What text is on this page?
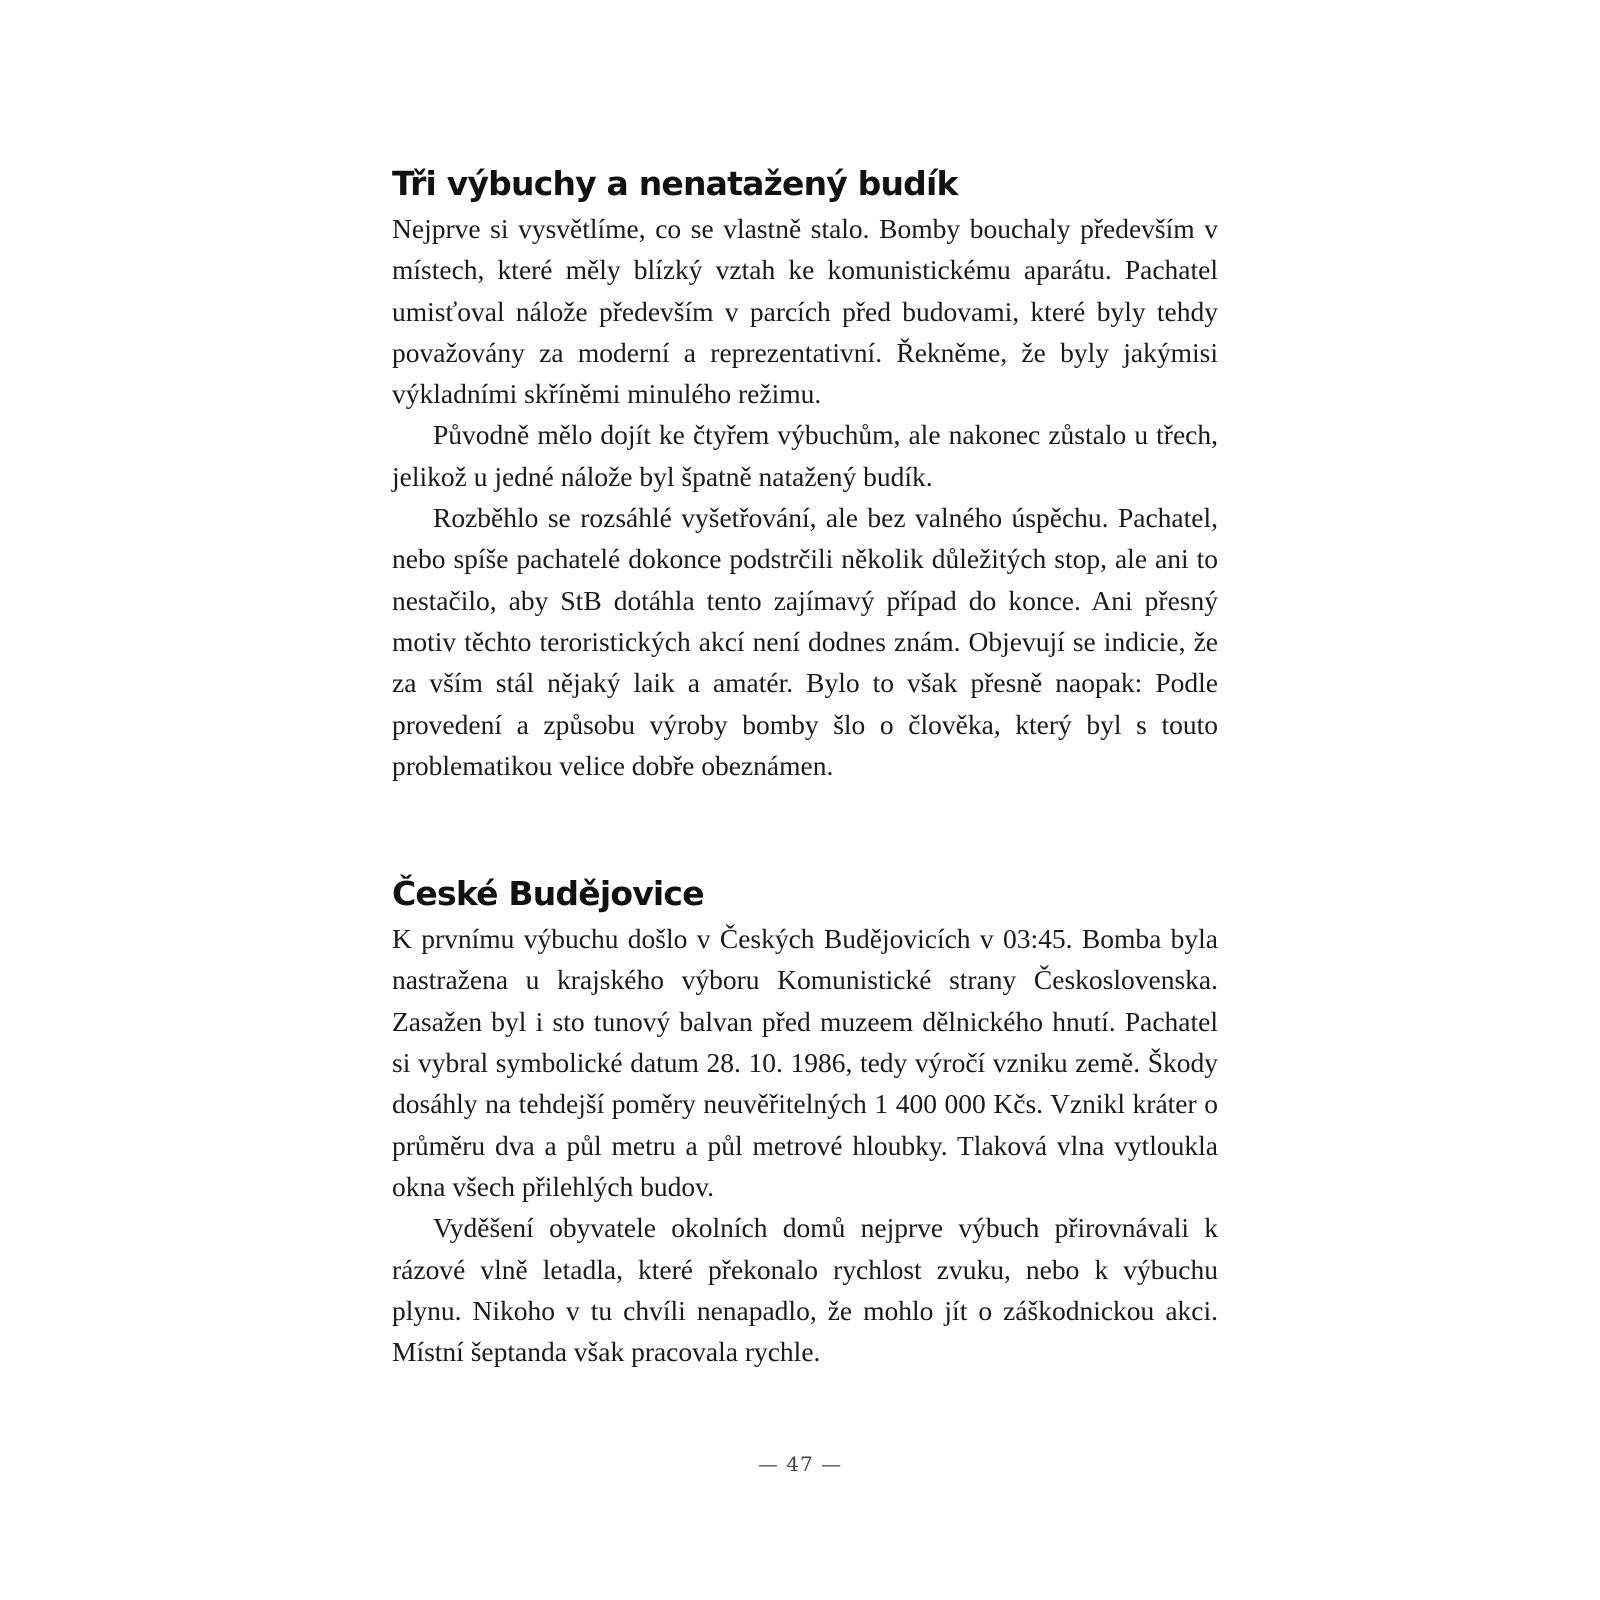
Tři výbuchy a nenatažený budík

Nejprve si vysvětlíme, co se vlastně stalo. Bomby bouchaly především v místech, které měly blízký vztah ke komunistickému aparátu. Pachatel umisťoval nálože především v parcích před budovami, které byly tehdy považovány za moderní a reprezentativní. Řekněme, že byly jakýmisi výkladními skříněmi minulého režimu.

Původně mělo dojít ke čtyřem výbuchům, ale nakonec zůstalo u třech, jelikož u jedné nálože byl špatně natažený budík.

Rozběhlo se rozsáhlé vyšetřování, ale bez valného úspěchu. Pachatel, nebo spíše pachatelé dokonce podstrčili několik důležitých stop, ale ani to nestačilo, aby StB dotáhla tento zajímavý případ do konce. Ani přesný motiv těchto teroristických akcí není dodnes znám. Objevují se indicie, že za vším stál nějaký laik a amatér. Bylo to však přesně naopak: Podle provedení a způsobu výroby bomby šlo o člověka, který byl s touto problematikou velice dobře obeznámen.

České Budějovice

K prvnímu výbuchu došlo v Českých Budějovicích v 03:45. Bomba byla nastražena u krajského výboru Komunistické strany Československa. Zasažen byl i sto tunový balvan před muzeem dělnického hnutí. Pachatel si vybral symbolické datum 28. 10. 1986, tedy výročí vzniku země. Škody dosáhly na tehdejší poměry neuvěřitelných 1 400 000 Kčs. Vznikl kráter o průměru dva a půl metru a půl metrové hloubky. Tlaková vlna vytloukla okna všech přilehlých budov.

Vyděšení obyvatele okolních domů nejprve výbuch přirovnávali k rázové vlně letadla, které překonalo rychlost zvuku, nebo k výbuchu plynu. Nikoho v tu chvíli nenapadlo, že mohlo jít o záškodnickou akci. Místní šeptanda však pracovala rychle.

— 47 —
